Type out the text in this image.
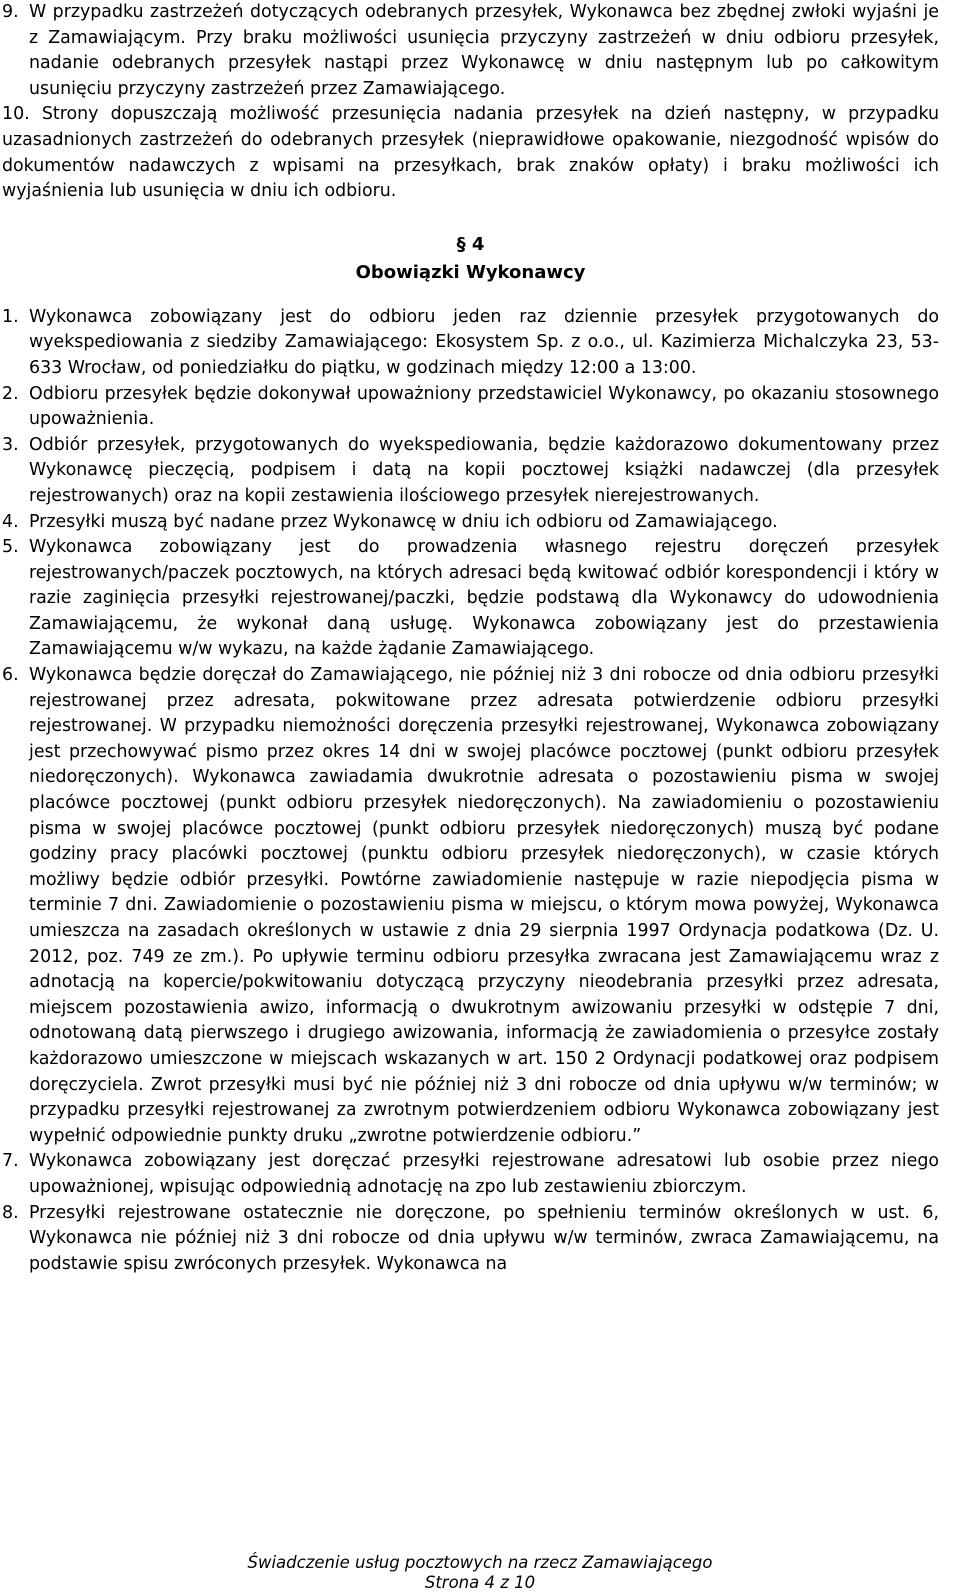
9. W przypadku zastrzeżeń dotyczących odebranych przesyłek, Wykonawca bez zbędnej zwłoki wyjaśni je z Zamawiającym. Przy braku możliwości usunięcia przyczyny zastrzeżeń w dniu odbioru przesyłek, nadanie odebranych przesyłek nastąpi przez Wykonawcę w dniu następnym lub po całkowitym usunięciu przyczyny zastrzeżeń przez Zamawiającego.

10. Strony dopuszczają możliwość przesunięcia nadania przesyłek na dzień następny, w przypadku uzasadnionych zastrzeżeń do odebranych przesyłek (nieprawidłowe opakowanie, niezgodność wpisów do dokumentów nadawczych z wpisami na przesyłkach, brak znaków opłaty) i braku możliwości ich wyjaśnienia lub usunięcia w dniu ich odbioru.

§ 4

Obowiązki Wykonawcy

1. Wykonawca zobowiązany jest do odbioru jeden raz dziennie przesyłek przygotowanych do wyekspediowania z siedziby Zamawiającego: Ekosystem Sp. z o.o., ul. Kazimierza Michalczyka 23, 53-633 Wrocław, od poniedziałku do piątku, w godzinach między 12:00 a 13:00.

2. Odbioru przesyłek będzie dokonywał upoważniony przedstawiciel Wykonawcy, po okazaniu stosownego upoważnienia.

3. Odbiór przesyłek, przygotowanych do wyekspediowania, będzie każdorazowo dokumentowany przez Wykonawcę pieczęcią, podpisem i datą na kopii pocztowej książki nadawczej (dla przesyłek rejestrowanych) oraz na kopii zestawienia ilościowego przesyłek nierejestrowanych.

4. Przesyłki muszą być nadane przez Wykonawcę w dniu ich odbioru od Zamawiającego.

5. Wykonawca zobowiązany jest do prowadzenia własnego rejestru doręczeń przesyłek rejestrowanych/paczek pocztowych, na których adresaci będą kwitować odbiór korespondencji i który w razie zaginięcia przesyłki rejestrowanej/paczki, będzie podstawą dla Wykonawcy do udowodnienia Zamawiającemu, że wykonał daną usługę. Wykonawca zobowiązany jest do przestawienia Zamawiającemu w/w wykazu, na każde żądanie Zamawiającego.

6. Wykonawca będzie doręczał do Zamawiającego, nie później niż 3 dni robocze od dnia odbioru przesyłki rejestrowanej przez adresata, pokwitowane przez adresata potwierdzenie odbioru przesyłki rejestrowanej. W przypadku niemożności doręczenia przesyłki rejestrowanej, Wykonawca zobowiązany jest przechowywać pismo przez okres 14 dni w swojej placówce pocztowej (punkt odbioru przesyłek niedoręczonych). Wykonawca zawiadamia dwukrotnie adresata o pozostawieniu pisma w swojej placówce pocztowej (punkt odbioru przesyłek niedoręczonych). Na zawiadomieniu o pozostawieniu pisma w swojej placówce pocztowej (punkt odbioru przesyłek niedoręczonych) muszą być podane godziny pracy placówki pocztowej (punktu odbioru przesyłek niedoręczonych), w czasie których możliwy będzie odbiór przesyłki. Powtórne zawiadomienie następuje w razie niepodjęcia pisma w terminie 7 dni. Zawiadomienie o pozostawieniu pisma w miejscu, o którym mowa powyżej, Wykonawca umieszcza na zasadach określonych w ustawie z dnia 29 sierpnia 1997 Ordynacja podatkowa (Dz. U. 2012, poz. 749 ze zm.). Po upływie terminu odbioru przesyłka zwracana jest Zamawiającemu wraz z adnotacją na kopercie/pokwitowaniu dotyczącą przyczyny nieodebrania przesyłki przez adresata, miejscem pozostawienia awizo, informacją o dwukrotnym awizowaniu przesyłki w odstępie 7 dni, odnotowaną datą pierwszego i drugiego awizowania, informacją że zawiadomienia o przesyłce zostały każdorazowo umieszczone w miejscach wskazanych w art. 150 2 Ordynacji podatkowej oraz podpisem doręczyciela. Zwrot przesyłki musi być nie później niż 3 dni robocze od dnia upływu w/w terminów; w przypadku przesyłki rejestrowanej za zwrotnym potwierdzeniem odbioru Wykonawca zobowiązany jest wypełnić odpowiednie punkty druku „zwrotne potwierdzenie odbioru.”

7. Wykonawca zobowiązany jest doręczać przesyłki rejestrowane adresatowi lub osobie przez niego upoważnionej, wpisując odpowiednią adnotację na zpo lub zestawieniu zbiorczym.

8. Przesyłki rejestrowane ostatecznie nie doręczone, po spełnieniu terminów określonych w ust. 6, Wykonawca nie później niż 3 dni robocze od dnia upływu w/w terminów, zwraca Zamawiającemu, na podstawie spisu zwróconych przesyłek. Wykonawca na

Świadczenie usług pocztowych na rzecz Zamawiającego
Strona 4 z 10
